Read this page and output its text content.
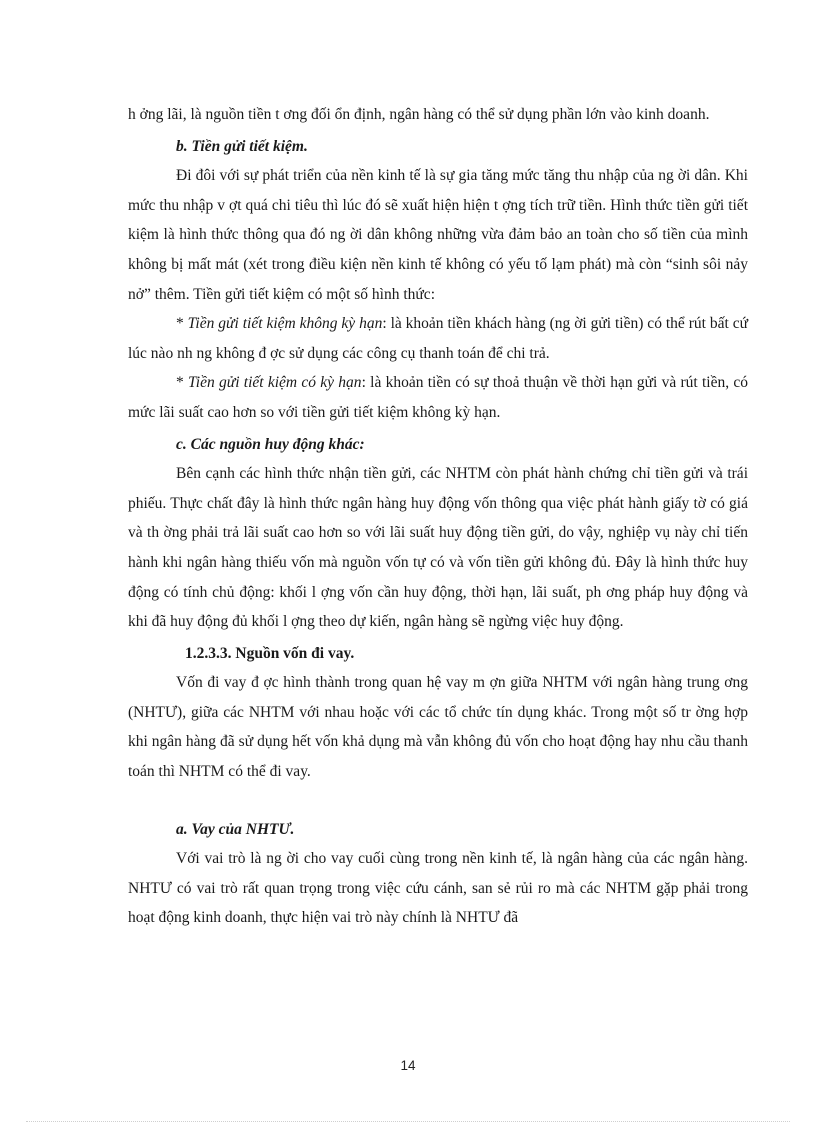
h ởng lãi, là nguồn tiền t ơng đối ổn định, ngân hàng có thể sử dụng phần lớn vào kinh doanh.

b. Tiền gửi tiết kiệm.

Đi đôi với sự phát triển của nền kinh tế là sự gia tăng mức tăng thu nhập của ng ời dân. Khi mức thu nhập v ợt quá chi tiêu thì lúc đó sẽ xuất hiện hiện t ợng tích trữ tiền. Hình thức tiền gửi tiết kiệm là hình thức thông qua đó ng ời dân không những vừa đảm bảo an toàn cho số tiền của mình không bị mất mát (xét trong điều kiện nền kinh tế không có yếu tố lạm phát) mà còn “sinh sôi nảy nở” thêm. Tiền gửi tiết kiệm có một số hình thức:

* Tiền gửi tiết kiệm không kỳ hạn: là khoản tiền khách hàng (ng ời gửi tiền) có thể rút bất cứ lúc nào nh ng không đ ợc sử dụng các công cụ thanh toán để chi trả.

* Tiền gửi tiết kiệm có kỳ hạn: là khoản tiền có sự thoả thuận về thời hạn gửi và rút tiền, có mức lãi suất cao hơn so với tiền gửi tiết kiệm không kỳ hạn.

c. Các nguồn huy động khác:

Bên cạnh các hình thức nhận tiền gửi, các NHTM còn phát hành chứng chỉ tiền gửi và trái phiếu. Thực chất đây là hình thức ngân hàng huy động vốn thông qua việc phát hành giấy tờ có giá và th ờng phải trả lãi suất cao hơn so với lãi suất huy động tiền gửi, do vậy, nghiệp vụ này chỉ tiến hành khi ngân hàng thiếu vốn mà nguồn vốn tự có và vốn tiền gửi không đủ. Đây là hình thức huy động có tính chủ động: khối l ợng vốn cần huy động, thời hạn, lãi suất, ph ơng pháp huy động và khi đã huy động đủ khối l ợng theo dự kiến, ngân hàng sẽ ngừng việc huy động.

1.2.3.3. Nguồn vốn đi vay.

Vốn đi vay đ ợc hình thành trong quan hệ vay m ợn giữa NHTM với ngân hàng trung ơng (NHTƯ), giữa các NHTM với nhau hoặc với các tổ chức tín dụng khác. Trong một số tr ờng hợp khi ngân hàng đã sử dụng hết vốn khả dụng mà vẫn không đủ vốn cho hoạt động hay nhu cầu thanh toán thì NHTM có thể đi vay.

a. Vay của NHTƯ.

Với vai trò là ng ời cho vay cuối cùng trong nền kinh tế, là ngân hàng của các ngân hàng. NHTƯ có vai trò rất quan trọng trong việc cứu cánh, san sẻ rủi ro mà các NHTM gặp phải trong hoạt động kinh doanh, thực hiện vai trò này chính là NHTƯ đã

14
